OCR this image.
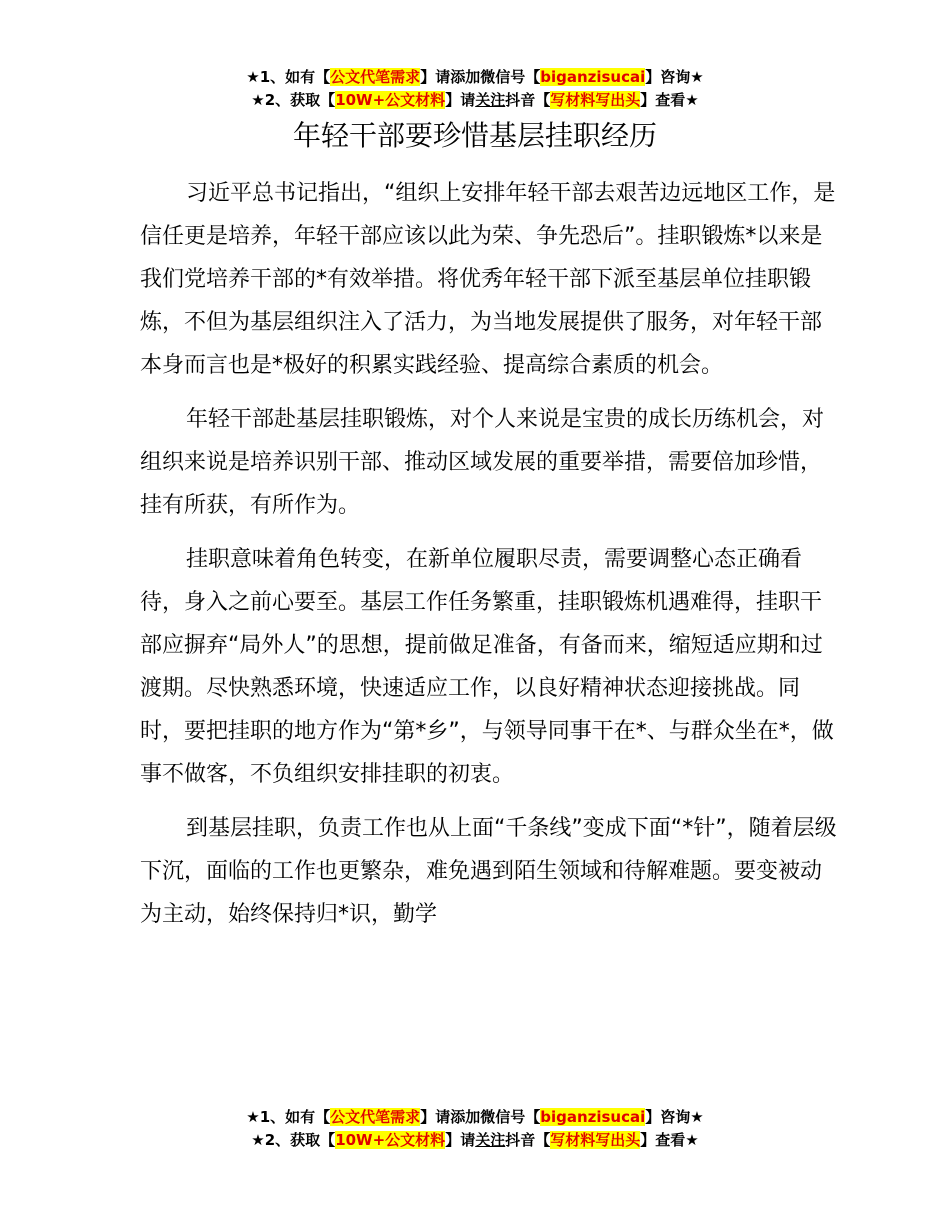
★1、如有【公文代笔需求】请添加微信号【biganzisucai】咨询★
★2、获取【10W+公文材料】请关注抖音【写材料写出头】查看★
年轻干部要珍惜基层挂职经历

习近平总书记指出，“组织上安排年轻干部去艰苦边远地区工作，是信任更是培养，年轻干部应该以此为荣、争先恐后”。挂职锻炼*以来是我们党培养干部的*有效举措。将优秀年轻干部下派至基层单位挂职锻炼，不但为基层组织注入了活力，为当地发展提供了服务，对年轻干部本身而言也是*极好的积累实践经验、提高综合素质的机会。

年轻干部赴基层挂职锻炼，对个人来说是宝贵的成长历练机会，对组织来说是培养识别干部、推动区域发展的重要举措，需要倍加珍惜，挂有所获，有所作为。

挂职意味着角色转变，在新单位履职尽责，需要调整心态正确看待，身入之前心要至。基层工作任务繁重，挂职锻炼机遇难得，挂职干部应摒弃“局外人”的思想，提前做足准备，有备而来，缩短适应期和过渡期。尽快熟悉环境，快速适应工作，以良好精神状态迎接挑战。同时，要把挂职的地方作为“第*乡”，与领导同事干在*、与群众坐在*，做事不做客，不负组织安排挂职的初衷。

到基层挂职，负责工作也从上面“千条线”变成下面“*针”，随着层级下沉，面临的工作也更繁杂，难免遇到陌生领域和待解难题。要变被动为主动，始终保持归*识，勤学

★1、如有【公文代笔需求】请添加微信号【biganzisucai】咨询★
★2、获取【10W+公文材料】请关注抖音【写材料写出头】查看★
